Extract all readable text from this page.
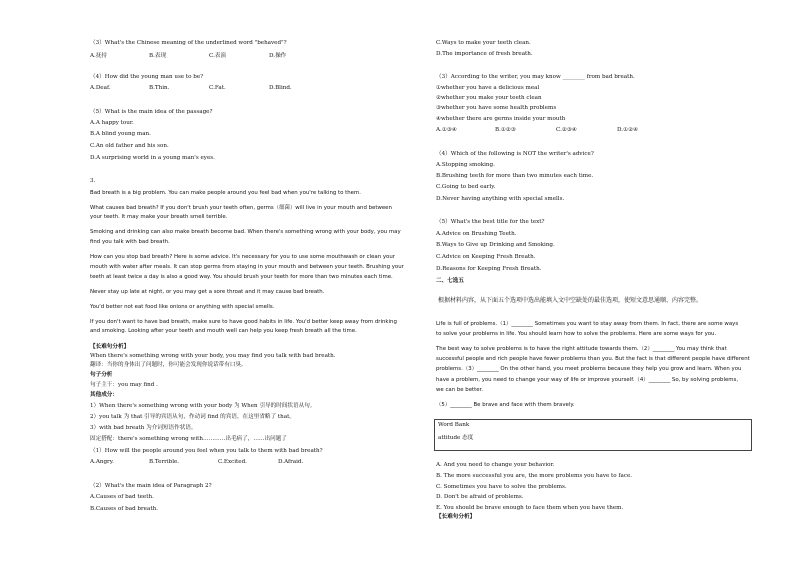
（3）What's the Chinese meaning of the underlined word "behaved"?
A.抚持	B.表现	C.表演	D.操作
（4）How did the young man use to be?
A.Deaf.	B.Thin.	C.Fat.	D.Blind.
（5）What is the main idea of the passage?
A.A happy tour.
B.A blind young man.
C.An old father and his son.
D.A surprising world in a young man's eyes.
3.
Bad breath is a big problem. You can make people around you feel bad when you're talking to them.
What causes bad breath? If you don't brush your teeth often, germs（细菌）will live in your mouth and between
your teeth. It may make your breath smell terrible.
Smoking and drinking can also make breath become bad. When there's something wrong with your body, you may
find you talk with bad breath.
How can you stop bad breath? Here is some advice. It's necessary for you to use some mouthwash or clean your
mouth with water after meals. It can stop germs from staying in your mouth and between your teeth. Brushing your
teeth at least twice a day is also a good way. You should brush your teeth for more than two minutes each time.
Never stay up late at night, or you may get a sore throat and it may cause bad breath.
You'd better not eat food like onions or anything with special smells.
If you don't want to have bad breath, make sure to have good habits in life. You'd better keep away from drinking
and smoking. Looking after your teeth and mouth well can help you keep fresh breath all the time.
【长难句分析】
When there's something wrong with your body, you may find you talk with bad breath.
翻译：当你的身体出了问题时，你可能会发现你说话带有口臭。
句子分析
句子主干：you may find .
其他成分：
1）When there's something wrong with your body 为 When 引导的时间状语从句。
2）you talk 为 that 引导的宾语从句，作动词 find 的宾语，在这里省略了 that。
3）with bad breath 为介词短语作状语。
固定搭配：there's something wrong with…………出毛病了，……出问题了
（1）How will the people around you feel when you talk to them with bad breath?
A.Angry.	B.Terrible.	C.Excited.	D.Afraid.
（2）What's the main idea of Paragraph 2?
A.Causes of bad teeth.
B.Causes of bad breath.
C.Ways to make your teeth clean.
D.The importance of fresh breath.
（3）According to the writer, you may know ________ from bad breath.
①whether you have a delicious meal
②whether you make your teeth clean
③whether you have some health problems
④whether there are germs inside your mouth
A.①③④	B.①②③	C.②③④	D.①②④
（4）Which of the following is NOT the writer's advice?
A.Stopping smoking.
B.Brushing teeth for more than two minutes each time.
C.Going to bed early.
D.Never having anything with special smells.
（5）What's the best title for the text?
A.Advice on Brushing Teeth.
B.Ways to Give up Drinking and Smoking.
C.Advice on Keeping Fresh Breath.
D.Reasons for Keeping Fresh Breath.
二、七选五
根据材料内容，从下面五个选项中选出能填入文中空缺处的最佳选项，使短文意思通顺、内容完整。
Life is full of problems.（1）________ Sometimes you want to stay away from them. In fact, there are some ways
to solve your problems in life. You should learn how to solve the problems. Here are some ways for you.
The best way to solve problems is to have the right attitude towards them.（2）________ You may think that
successful people and rich people have fewer problems than you. But the fact is that different people have different
problems.（3）________ On the other hand, you meet problems because they help you grow and learn. When you
have a problem, you need to change your way of life or improve yourself.（4）________ So, by solving problems,
we can be better.
（5）________ Be brave and face with them bravely.
Word Bank
attitude 态度
A. And you need to change your behavior.
B. The more successful you are, the more problems you have to face.
C. Sometimes you have to solve the problems.
D. Don't be afraid of problems.
E. You should be brave enough to face them when you have them.
【长难句分析】
